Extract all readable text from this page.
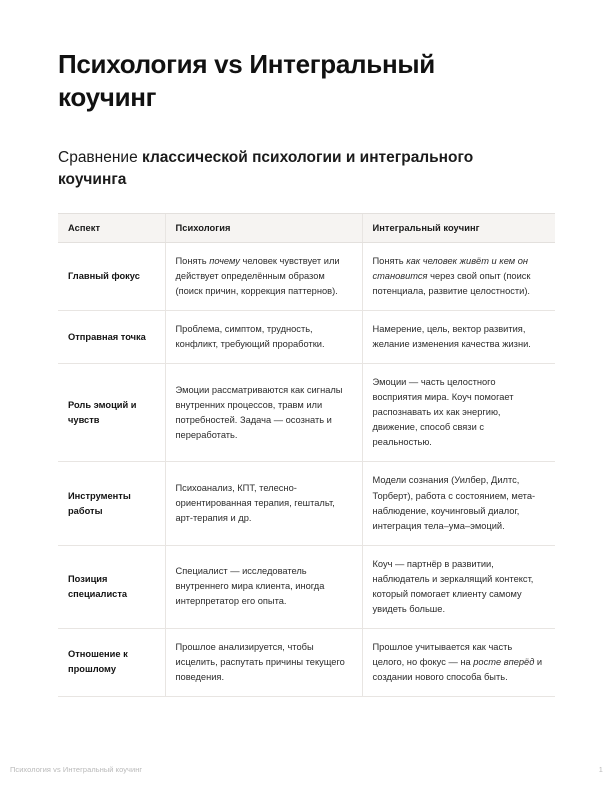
Психология vs Интегральный коучинг
Сравнение классической психологии и интегрального коучинга
Аспект	Психология	Интегральный коучинг
Главный фокус	Понять почему человек чувствует или действует определённым образом (поиск причин, коррекция паттернов).	Понять как человек живёт и кем он становится через свой опыт (поиск потенциала, развитие целостности).
Отправная точка	Проблема, симптом, трудность, конфликт, требующий проработки.	Намерение, цель, вектор развития, желание изменения качества жизни.
Роль эмоций и чувств	Эмоции рассматриваются как сигналы внутренних процессов, травм или потребностей. Задача — осознать и переработать.	Эмоции — часть целостного восприятия мира. Коуч помогает распознавать их как энергию, движение, способ связи с реальностью.
Инструменты работы	Психоанализ, КПТ, телесно-ориентированная терапия, гештальт, арт-терапия и др.	Модели сознания (Уилбер, Дилтс, Торберт), работа с состоянием, мета-наблюдение, коучинговый диалог, интеграция тела–ума–эмоций.
Позиция специалиста	Специалист — исследователь внутреннего мира клиента, иногда интерпретатор его опыта.	Коуч — партнёр в развитии, наблюдатель и зеркалящий контекст, который помогает клиенту самому увидеть больше.
Отношение к прошлому	Прошлое анализируется, чтобы исцелить, распутать причины текущего поведения.	Прошлое учитывается как часть целого, но фокус — на росте вперёд и создании нового способа быть.
Психология vs Интегральный коучинг	1
